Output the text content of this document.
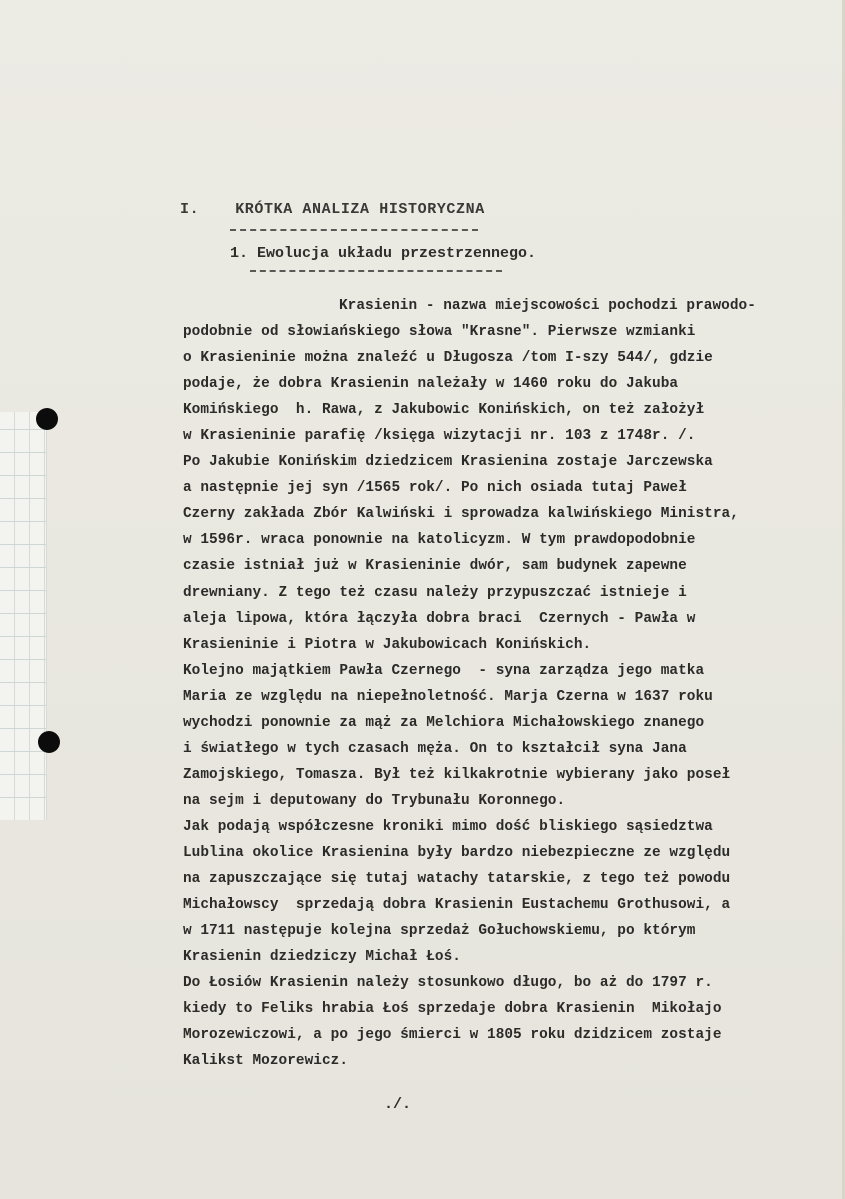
I. KRÓTKA ANALIZA HISTORYCZNA
1. Ewolucja układu przestrzennego.
Krasienin - nazwa miejscowości pochodzi prawodo-
podobnie od słowiańskiego słowa "Krasne". Pierwsze wzmianki
o Krasieninie można znaleźć u Długosza /tom I-szy 544/, gdzie
podaje, że dobra Krasienin należały w 1460 roku do Jakuba
Komińskiego  h. Rawa, z Jakubowic Konińskich, on też założył
w Krasieninie parafię /księga wizytacji nr. 103 z 1748r. /.
Po Jakubie Konińskim dziedzicem Krasienina zostaje Jarczewska
a następnie jej syn /1565 rok/. Po nich osiada tutaj Paweł
Czerny zakłada Zbór Kalwiński i sprowadza kalwińskiego Ministra,
w 1596r. wraca ponownie na katolicyzm. W tym prawdopodobnie
czasie istniał już w Krasieninie dwór, sam budynek zapewne
drewniany. Z tego też czasu należy przypuszczać istnieje i
aleja lipowa, która łączyła dobra braci  Czernych - Pawła w
Krasieninie i Piotra w Jakubowicach Konińskich.
Kolejno majątkiem Pawła Czernego  - syna zarządza jego matka
Maria ze względu na niepełnoletność. Marja Czerna w 1637 roku
wychodzi ponownie za mąż za Melchiora Michałowskiego znanego
i światłego w tych czasach męża. On to kształcił syna Jana
Zamojskiego, Tomasza. Był też kilkakrotnie wybierany jako poseł
na sejm i deputowany do Trybunału Koronnego.
Jak podają współczesne kroniki mimo dość bliskiego sąsiedztwa
Lublina okolice Krasienina były bardzo niebezpieczne ze względu
na zapuszczające się tutaj watachy tatarskie, z tego też powodu
Michałowscy  sprzedają dobra Krasienin Eustachemu Grothusowi, a
w 1711 następuje kolejna sprzedaż Gołuchowskiemu, po którym
Krasienin dziedziczy Michał Łoś.
Do Łosiów Krasienin należy stosunkowo długo, bo aż do 1797 r.
kiedy to Feliks hrabia Łoś sprzedaje dobra Krasienin  Mikołajo
Morozewiczowi, a po jego śmierci w 1805 roku dzidzicem zostaje
Kalikst Mozorewicz.
./.
